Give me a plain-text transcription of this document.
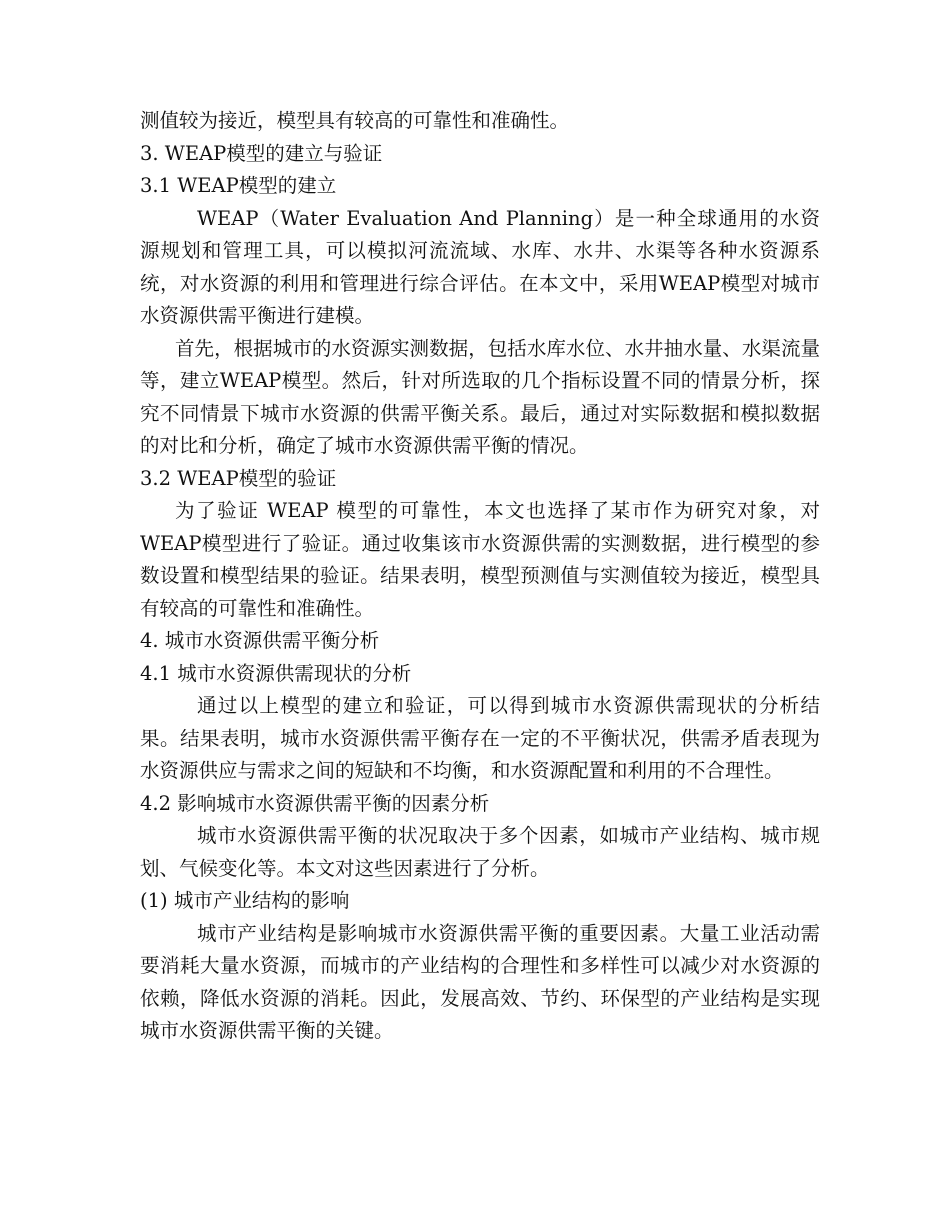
测值较为接近，模型具有较高的可靠性和准确性。

3. WEAP模型的建立与验证

3.1 WEAP模型的建立

WEAP（Water Evaluation And Planning）是一种全球通用的水资源规划和管理工具，可以模拟河流流域、水库、水井、水渠等各种水资源系统，对水资源的利用和管理进行综合评估。在本文中，采用WEAP模型对城市水资源供需平衡进行建模。

首先，根据城市的水资源实测数据，包括水库水位、水井抽水量、水渠流量等，建立WEAP模型。然后，针对所选取的几个指标设置不同的情景分析，探究不同情景下城市水资源的供需平衡关系。最后，通过对实际数据和模拟数据的对比和分析，确定了城市水资源供需平衡的情况。

3.2 WEAP模型的验证

为了验证 WEAP 模型的可靠性，本文也选择了某市作为研究对象，对WEAP模型进行了验证。通过收集该市水资源供需的实测数据，进行模型的参数设置和模型结果的验证。结果表明，模型预测值与实测值较为接近，模型具有较高的可靠性和准确性。

4. 城市水资源供需平衡分析

4.1 城市水资源供需现状的分析

通过以上模型的建立和验证，可以得到城市水资源供需现状的分析结果。结果表明，城市水资源供需平衡存在一定的不平衡状况，供需矛盾表现为水资源供应与需求之间的短缺和不均衡，和水资源配置和利用的不合理性。

4.2 影响城市水资源供需平衡的因素分析

城市水资源供需平衡的状况取决于多个因素，如城市产业结构、城市规划、气候变化等。本文对这些因素进行了分析。

(1) 城市产业结构的影响

城市产业结构是影响城市水资源供需平衡的重要因素。大量工业活动需要消耗大量水资源，而城市的产业结构的合理性和多样性可以减少对水资源的依赖，降低水资源的消耗。因此，发展高效、节约、环保型的产业结构是实现城市水资源供需平衡的关键。
